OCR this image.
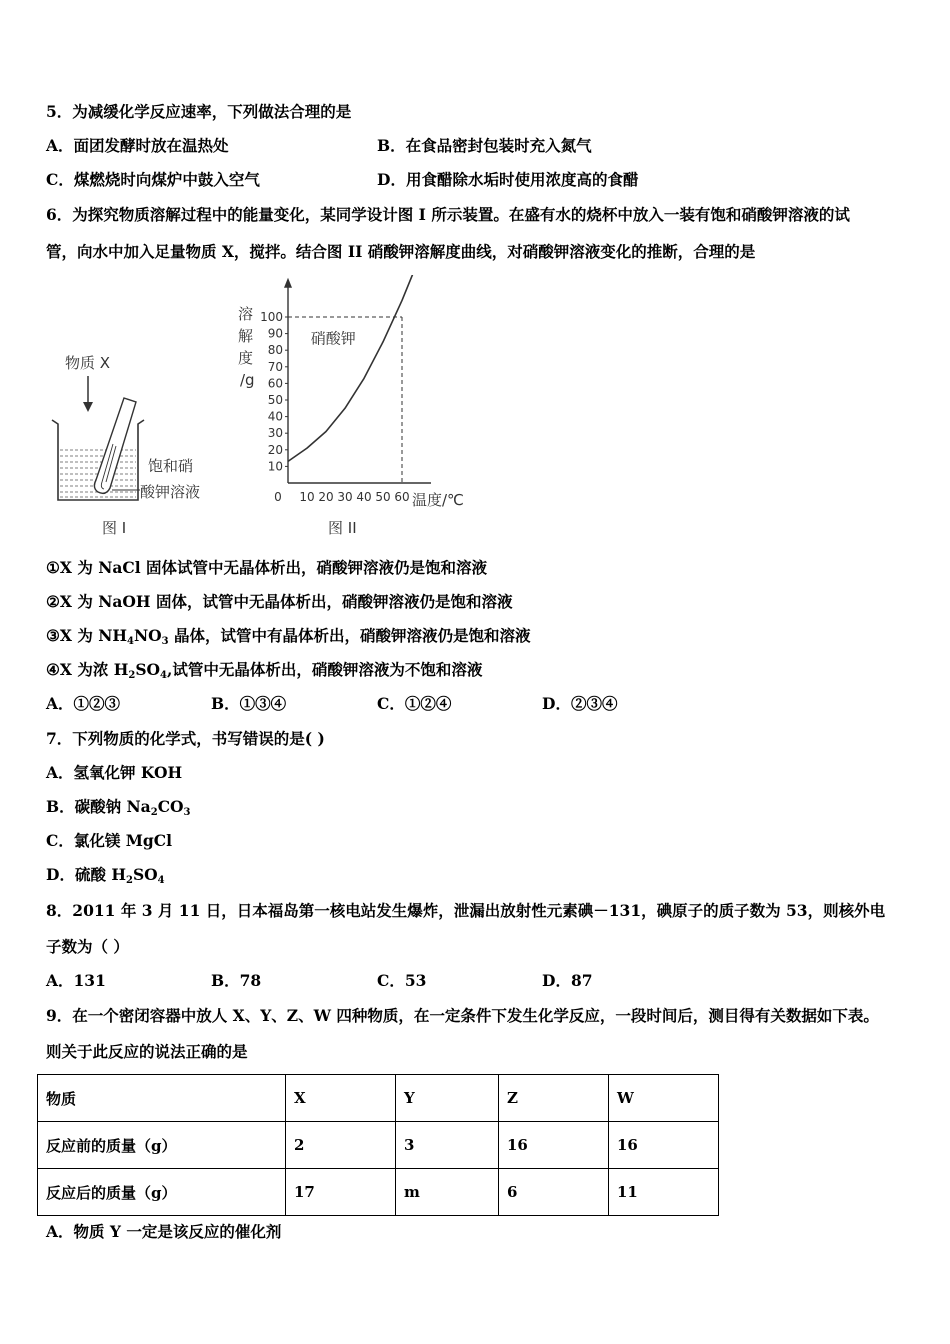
5．为减缓化学反应速率，下列做法合理的是
A．面团发酵时放在温热处	B．在食品密封包装时充入氮气
C．煤燃烧时向煤炉中鼓入空气	D．用食醋除水垢时使用浓度高的食醋
6．为探究物质溶解过程中的能量变化，某同学设计图 I 所示装置。在盛有水的烧杯中放入一装有饱和硝酸钾溶液的试
管，向水中加入足量物质 X，搅拌。结合图 II 硝酸钾溶解度曲线，对硝酸钾溶液变化的推断，合理的是
物质 X
饱和硝
酸钾溶液
图 I
溶
解
度
/g
10
20
30
40
50
60
70
80
90
100
0 10 20 30 40 50 60
硝酸钾
温度/℃
图 II
①X 为 NaCl 固体试管中无晶体析出，硝酸钾溶液仍是饱和溶液
②X 为 NaOH 固体，试管中无晶体析出，硝酸钾溶液仍是饱和溶液
③X 为 $NH_4NO_3$ 晶体，试管中有晶体析出，硝酸钾溶液仍是饱和溶液
④X 为浓 $H_2SO_4$,试管中无晶体析出，硝酸钾溶液为不饱和溶液
A．①②③	B．①③④	C．①②④	D．②③④
7．下列物质的化学式，书写错误的是( )
A．氢氧化钾 KOH
B．碳酸钠 $Na_2CO_3$
C．氯化镁 MgCl
D．硫酸 $H_2SO_4$
8．2011 年 3 月 11 日，日本福岛第一核电站发生爆炸，泄漏出放射性元素碘－131，碘原子的质子数为 53，则核外电
子数为（ ）
A．131	B．78	C．53	D．87
9．在一个密闭容器中放人 X、Y、Z、W 四种物质，在一定条件下发生化学反应，一段时间后，测目得有关数据如下表。
则关于此反应的说法正确的是
物质	X	Y	Z	W
反应前的质量（g）	2	3	16	16
反应后的质量（g）	17	m	6	11
A．物质 Y 一定是该反应的催化剂
